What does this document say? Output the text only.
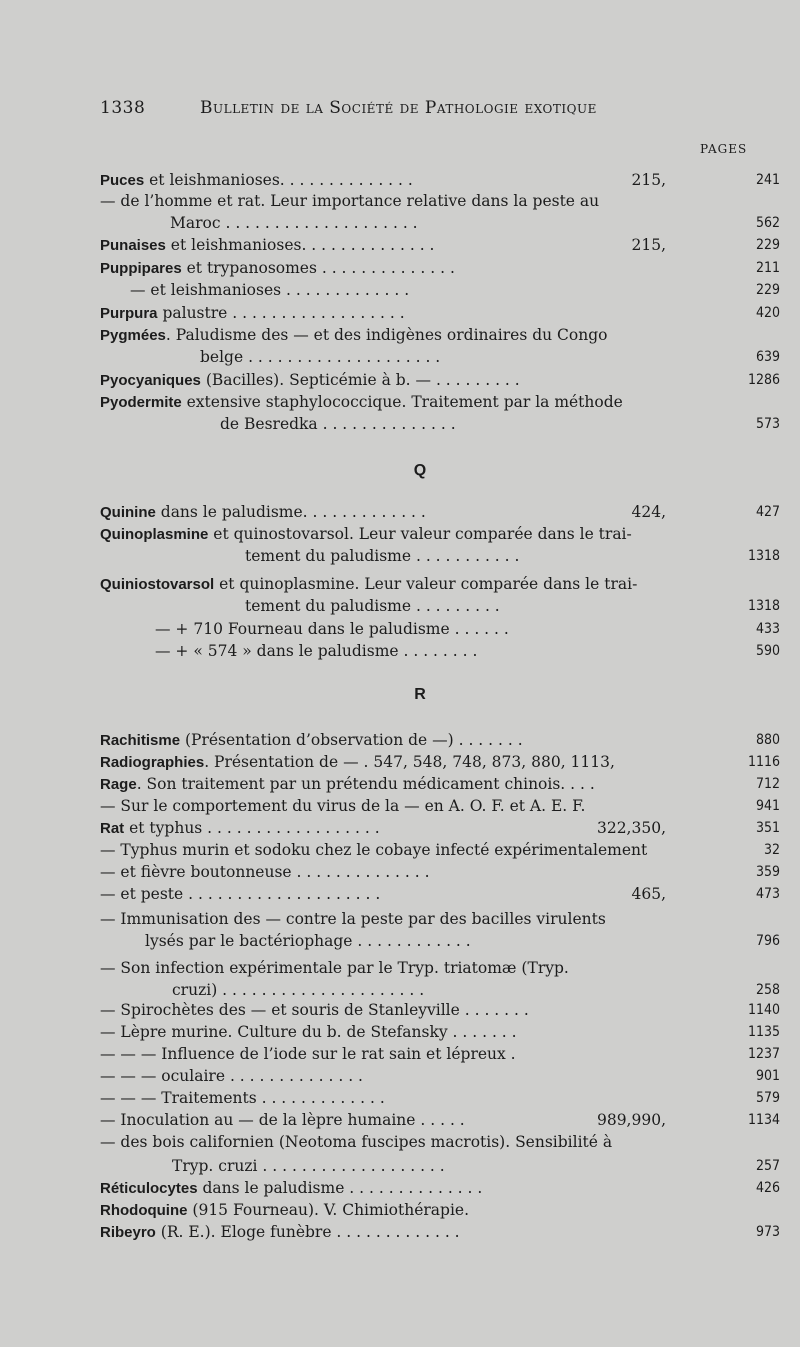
1338	Bulletin de la Société de Pathologie exotique
PAGES
Puces et leishmanioses. . . . . . . . . . . . . .	215,	241
— de l’homme et rat. Leur importance relative dans la peste au
Maroc . . . . . . . . . . . . . . . . . . . .	562
Punaises et leishmanioses. . . . . . . . . . . . . .	215,	229
Puppipares et trypanosomes . . . . . . . . . . . . . .	211
— et leishmanioses . . . . . . . . . . . . .	229
Purpura palustre . . . . . . . . . . . . . . . . . .	420
Pygmées. Paludisme des — et des indigènes ordinaires du Congo
belge . . . . . . . . . . . . . . . . . . . .	639
Pyocyaniques (Bacilles). Septicémie à b. — . . . . . . . . .	1286
Pyodermite extensive staphylococcique. Traitement par la méthode
de Besredka . . . . . . . . . . . . . .	573
Quinine dans le paludisme. . . . . . . . . . . . .	424,	427
Quinoplasmine et quinostovarsol. Leur valeur comparée dans le trai-
tement du paludisme . . . . . . . . . . .	1318
Quiniostovarsol et quinoplasmine. Leur valeur comparée dans le trai-
tement du paludisme . . . . . . . . .	1318
— + 710 Fourneau dans le paludisme . . . . . .	433
— + « 574 » dans le paludisme . . . . . . . .	590
Rachitisme (Présentation d’observation de —) . . . . . . .	880
Radiographies. Présentation de — . 547, 548, 748, 873, 880, 1113,	1116
Rage. Son traitement par un prétendu médicament chinois. . . .	712
— Sur le comportement du virus de la — en A. O. F. et A. E. F.	941
Rat et typhus . . . . . . . . . . . . . . . . . .	322,350,	351
— Typhus murin et sodoku chez le cobaye infecté expérimentalement	32
— et fièvre boutonneuse . . . . . . . . . . . . . .	359
— et peste . . . . . . . . . . . . . . . . . . . .	465,	473
— Immunisation des — contre la peste par des bacilles virulents
lysés par le bactériophage . . . . . . . . . . . .	796
— Son infection expérimentale par le Tryp. triatomæ (Tryp.
cruzi) . . . . . . . . . . . . . . . . . . . . .	258
— Spirochètes des — et souris de Stanleyville . . . . . . .	1140
— Lèpre murine. Culture du b. de Stefansky . . . . . . .	1135
— — — Influence de l’iode sur le rat sain et lépreux .	1237
— — — oculaire . . . . . . . . . . . . . .	901
— — — Traitements . . . . . . . . . . . . .	579
— Inoculation au — de la lèpre humaine . . . . .	989,990,	1134
— des bois californien (Neotoma fuscipes macrotis). Sensibilité à
Tryp. cruzi . . . . . . . . . . . . . . . . . . .	257
Réticulocytes dans le paludisme . . . . . . . . . . . . . .	426
Rhodoquine (915 Fourneau). V. Chimiothérapie.
Ribeyro (R. E.). Eloge funèbre . . . . . . . . . . . . .	973
Q
R
